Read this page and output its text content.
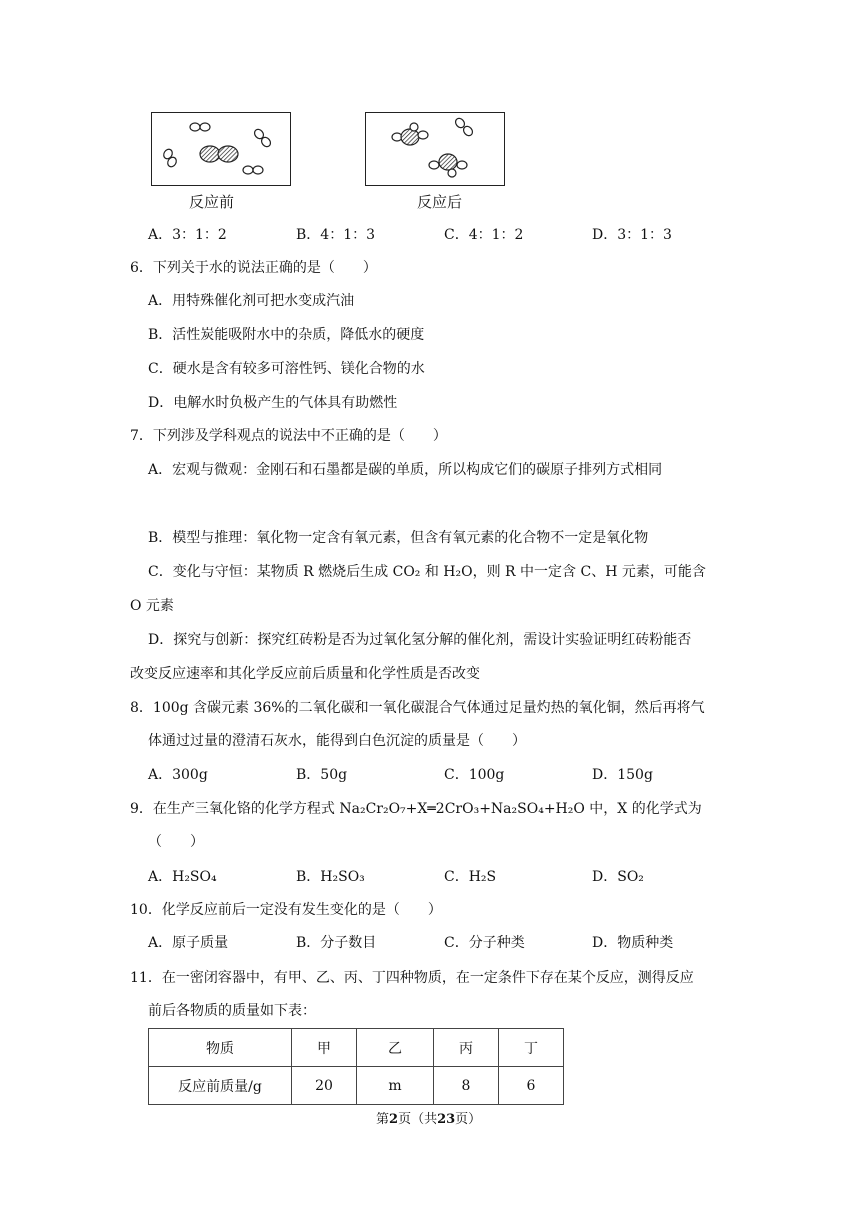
反应前	反应后
A．3：1：2	B．4：1：3	C．4：1：2	D．3：1：3
6．下列关于水的说法正确的是（　　）
A．用特殊催化剂可把水变成汽油
B．活性炭能吸附水中的杂质，降低水的硬度
C．硬水是含有较多可溶性钙、镁化合物的水
D．电解水时负极产生的气体具有助燃性
7．下列涉及学科观点的说法中不正确的是（　　）
A．宏观与微观：金刚石和石墨都是碳的单质，所以构成它们的碳原子排列方式相同
B．模型与推理：氧化物一定含有氧元素，但含有氧元素的化合物不一定是氧化物
C．变化与守恒：某物质 R 燃烧后生成 CO₂ 和 H₂O，则 R 中一定含 C、H 元素，可能含
O 元素
D．探究与创新：探究红砖粉是否为过氧化氢分解的催化剂，需设计实验证明红砖粉能否
改变反应速率和其化学反应前后质量和化学性质是否改变
8．100g 含碳元素 36%的二氧化碳和一氧化碳混合气体通过足量灼热的氧化铜，然后再将气
体通过过量的澄清石灰水，能得到白色沉淀的质量是（　　）
A．300g	B．50g	C．100g	D．150g
9．在生产三氧化铬的化学方程式 Na₂Cr₂O₇+X═2CrO₃+Na₂SO₄+H₂O 中，X 的化学式为
（　　）
A．H₂SO₄	B．H₂SO₃	C．H₂S	D．SO₂
10．化学反应前后一定没有发生变化的是（　　）
A．原子质量	B．分子数目	C．分子种类	D．物质种类
11．在一密闭容器中，有甲、乙、丙、丁四种物质，在一定条件下存在某个反应，测得反应
前后各物质的质量如下表：
物质	甲	乙	丙	丁
反应前质量/g	20	m	8	6
第2页（共23页）
